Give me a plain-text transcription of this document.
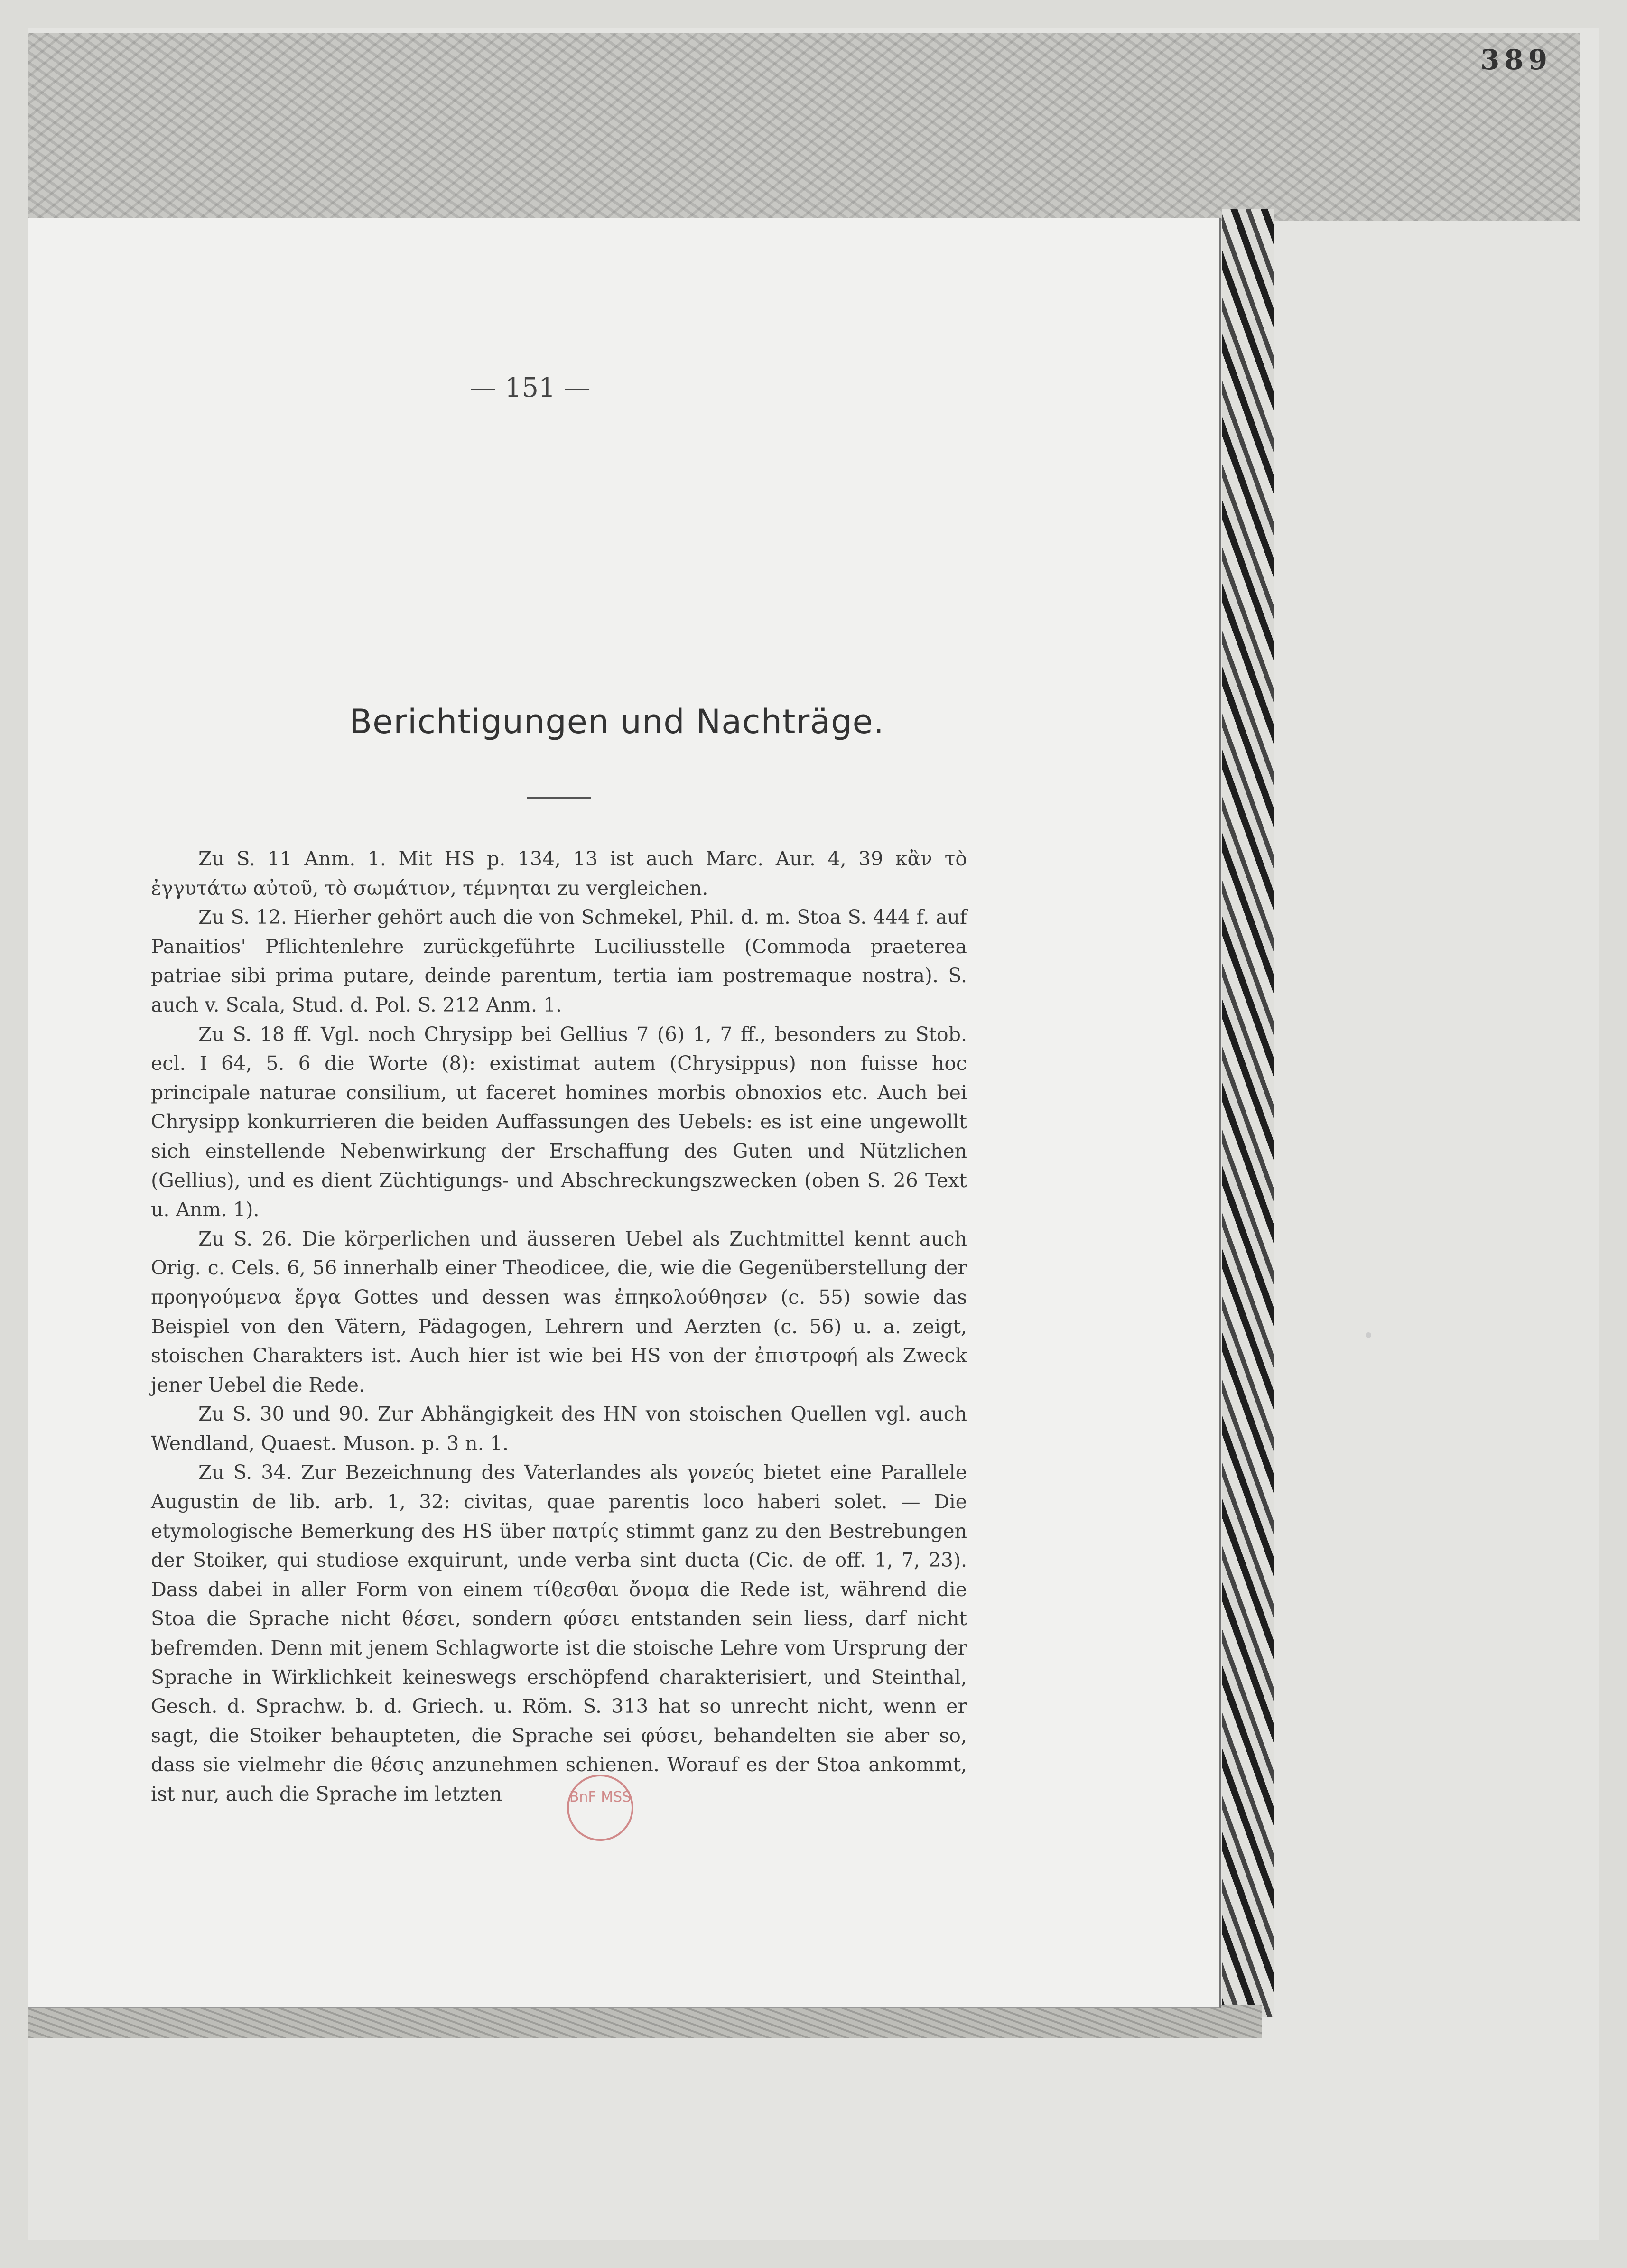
389
— 151 —
Berichtigungen und Nachträge.

Zu S. 11 Anm. 1. Mit HS p. 134, 13 ist auch Marc. Aur. 4, 39 κἂν τὸ ἐγγυτάτω αὐτοῦ, τὸ σωμάτιον, τέμνηται zu vergleichen.

Zu S. 12. Hierher gehört auch die von Schmekel, Phil. d. m. Stoa S. 444 f. auf Panaitios' Pflichtenlehre zurückgeführte Luciliusstelle (Commoda praeterea patriae sibi prima putare, deinde parentum, tertia iam postremaque nostra). S. auch v. Scala, Stud. d. Pol. S. 212 Anm. 1.

Zu S. 18 ff. Vgl. noch Chrysipp bei Gellius 7 (6) 1, 7 ff., besonders zu Stob. ecl. I 64, 5. 6 die Worte (8): existimat autem (Chrysippus) non fuisse hoc principale naturae consilium, ut faceret homines morbis obnoxios etc. Auch bei Chrysipp konkurrieren die beiden Auffassungen des Uebels: es ist eine ungewollt sich einstellende Nebenwirkung der Erschaffung des Guten und Nützlichen (Gellius), und es dient Züchtigungs- und Abschreckungszwecken (oben S. 26 Text u. Anm. 1).

Zu S. 26. Die körperlichen und äusseren Uebel als Zuchtmittel kennt auch Orig. c. Cels. 6, 56 innerhalb einer Theodicee, die, wie die Gegenüberstellung der προηγούμενα ἔργα Gottes und dessen was ἐπηκολούθησεν (c. 55) sowie das Beispiel von den Vätern, Pädagogen, Lehrern und Aerzten (c. 56) u. a. zeigt, stoischen Charakters ist. Auch hier ist wie bei HS von der ἐπιστροφή als Zweck jener Uebel die Rede.

Zu S. 30 und 90. Zur Abhängigkeit des HN von stoischen Quellen vgl. auch Wendland, Quaest. Muson. p. 3 n. 1.

Zu S. 34. Zur Bezeichnung des Vaterlandes als γονεύς bietet eine Parallele Augustin de lib. arb. 1, 32: civitas, quae parentis loco haberi solet. — Die etymologische Bemerkung des HS über πατρίς stimmt ganz zu den Bestrebungen der Stoiker, qui studiose exquirunt, unde verba sint ducta (Cic. de off. 1, 7, 23). Dass dabei in aller Form von einem τίθεσθαι ὄνομα die Rede ist, während die Stoa die Sprache nicht θέσει, sondern φύσει entstanden sein liess, darf nicht befremden. Denn mit jenem Schlagworte ist die stoische Lehre vom Ursprung der Sprache in Wirklichkeit keineswegs erschöpfend charakterisiert, und Steinthal, Gesch. d. Sprachw. b. d. Griech. u. Röm. S. 313 hat so unrecht nicht, wenn er sagt, die Stoiker behaupteten, die Sprache sei φύσει, behandelten sie aber so, dass sie vielmehr die θέσις anzunehmen schienen. Worauf es der Stoa ankommt, ist nur, auch die Sprache im letzten	BnF MSS
